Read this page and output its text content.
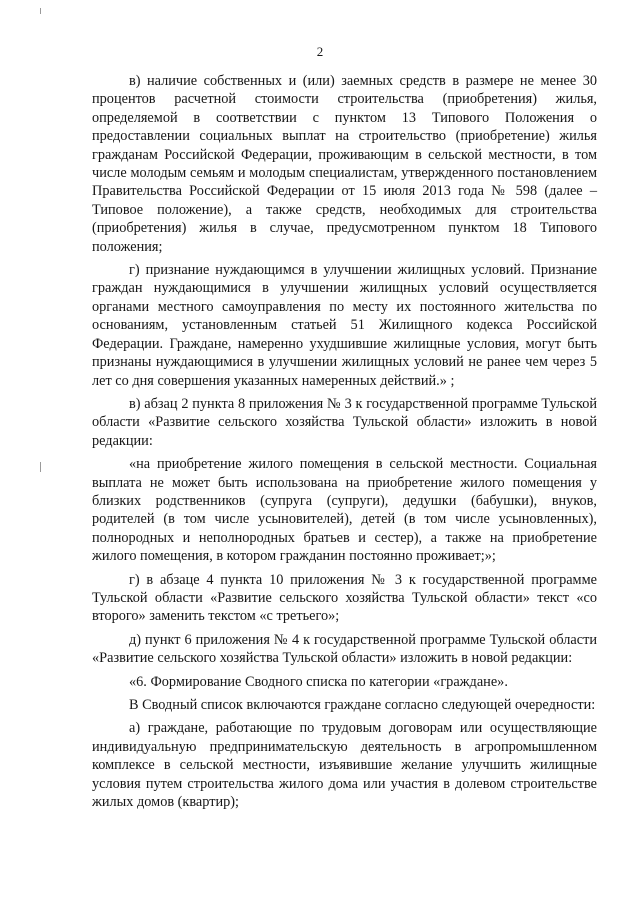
2

в) наличие собственных и (или) заемных средств в размере не менее 30 процентов расчетной стоимости строительства (приобретения) жилья, определяемой в соответствии с пунктом 13 Типового Положения о предоставлении социальных выплат на строительство (приобретение) жилья гражданам Российской Федерации, проживающим в сельской местности, в том числе молодым семьям и молодым специалистам, утвержденного постановлением Правительства Российской Федерации от 15 июля 2013 года № 598 (далее – Типовое положение), а также средств, необходимых для строительства (приобретения) жилья в случае, предусмотренном пунктом 18 Типового положения;

г) признание нуждающимся в улучшении жилищных условий. Признание граждан нуждающимися в улучшении жилищных условий осуществляется органами местного самоуправления по месту их постоянного жительства по основаниям, установленным статьей 51 Жилищного кодекса Российской Федерации. Граждане, намеренно ухудшившие жилищные условия, могут быть признаны нуждающимися в улучшении жилищных условий не ранее чем через 5 лет со дня совершения указанных намеренных действий.» ;

в) абзац 2 пункта 8 приложения № 3 к государственной программе Тульской области «Развитие сельского хозяйства Тульской области» изложить в новой редакции:

«на приобретение жилого помещения в сельской местности. Социальная выплата не может быть использована на приобретение жилого помещения у близких родственников (супруга (супруги), дедушки (бабушки), внуков, родителей (в том числе усыновителей), детей (в том числе усыновленных), полнородных и неполнородных братьев и сестер), а также на приобретение жилого помещения, в котором гражданин постоянно проживает;»;

г) в абзаце 4 пункта 10 приложения № 3 к государственной программе Тульской области «Развитие сельского хозяйства Тульской области» текст «со второго» заменить текстом «с третьего»;

д) пункт 6 приложения № 4 к государственной программе Тульской области «Развитие сельского хозяйства Тульской области» изложить в новой редакции:

«6. Формирование Сводного списка по категории «граждане».

В Сводный список включаются граждане согласно следующей очередности:

а) граждане, работающие по трудовым договорам или осуществляющие индивидуальную предпринимательскую деятельность в агропромышленном комплексе в сельской местности, изъявившие желание улучшить жилищные условия путем строительства жилого дома или участия в долевом строительстве жилых домов (квартир);
